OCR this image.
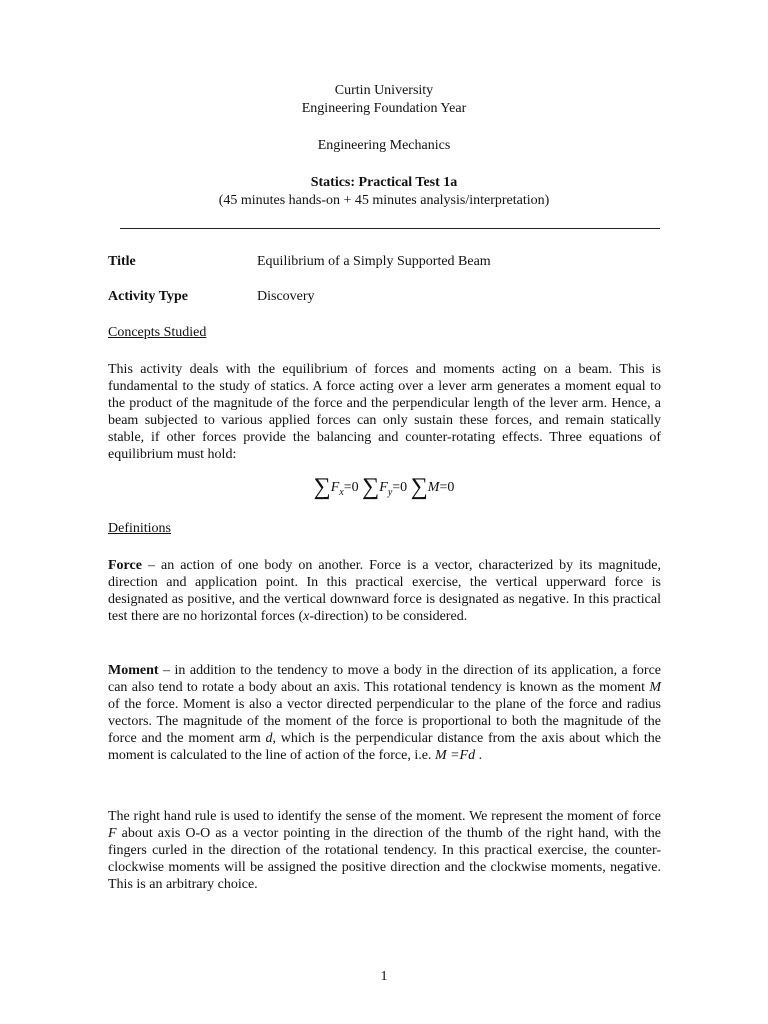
Curtin University

Engineering Foundation Year

Engineering Mechanics

Statics: Practical Test 1a

(45 minutes hands-on + 45 minutes analysis/interpretation)

Title	Equilibrium of a Simply Supported Beam
Activity Type	Discovery
Concepts Studied

This activity deals with the equilibrium of forces and moments acting on a beam. This is fundamental to the study of statics. A force acting over a lever arm generates a moment equal to the product of the magnitude of the force and the perpendicular length of the lever arm. Hence, a beam subjected to various applied forces can only sustain these forces, and remain statically stable, if other forces provide the balancing and counter-rotating effects. Three equations of equilibrium must hold:

$\sum F_x=0$ $\sum F_y=0$ ∑M=0

Definitions

Force – an action of one body on another. Force is a vector, characterized by its magnitude, direction and application point. In this practical exercise, the vertical upperward force is designated as positive, and the vertical downward force is designated as negative. In this practical test there are no horizontal forces (x-direction) to be considered.

Moment – in addition to the tendency to move a body in the direction of its application, a force can also tend to rotate a body about an axis. This rotational tendency is known as the moment M of the force. Moment is also a vector directed perpendicular to the plane of the force and radius vectors. The magnitude of the moment of the force is proportional to both the magnitude of the force and the moment arm d, which is the perpendicular distance from the axis about which the moment is calculated to the line of action of the force, i.e. M =Fd .

The right hand rule is used to identify the sense of the moment. We represent the moment of force F about axis O-O as a vector pointing in the direction of the thumb of the right hand, with the fingers curled in the direction of the rotational tendency. In this practical exercise, the counter-clockwise moments will be assigned the positive direction and the clockwise moments, negative. This is an arbitrary choice.

1
